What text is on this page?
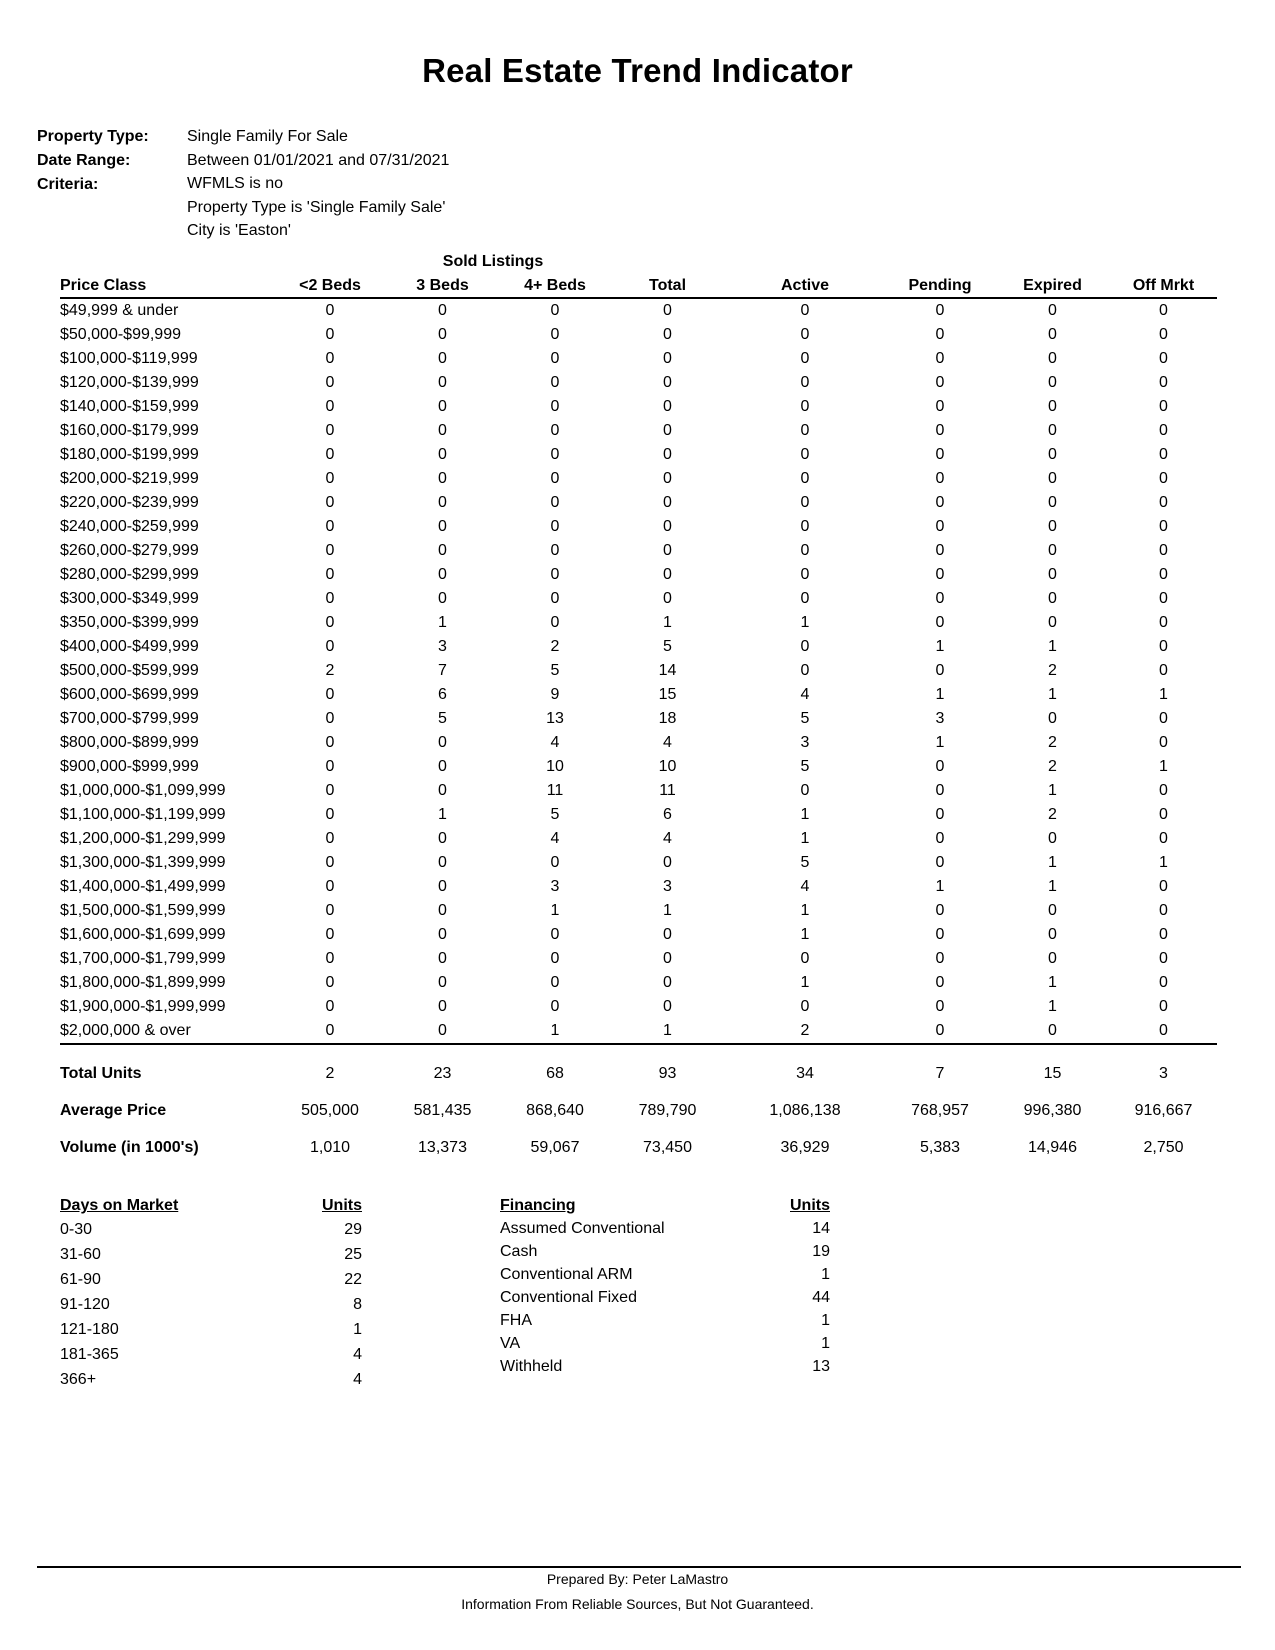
Real Estate Trend Indicator
Property Type:	Single Family For Sale
Date Range:	Between 01/01/2021 and 07/31/2021
Criteria:	WFMLS is no
Property Type is 'Single Family Sale'
City is 'Easton'
Sold Listings
Price Class	<2 Beds	3 Beds	4+ Beds	Total	Active	Pending	Expired	Off Mrkt
$49,999 & under	0	0	0	0	0	0	0	0
$50,000-$99,999	0	0	0	0	0	0	0	0
$100,000-$119,999	0	0	0	0	0	0	0	0
$120,000-$139,999	0	0	0	0	0	0	0	0
$140,000-$159,999	0	0	0	0	0	0	0	0
$160,000-$179,999	0	0	0	0	0	0	0	0
$180,000-$199,999	0	0	0	0	0	0	0	0
$200,000-$219,999	0	0	0	0	0	0	0	0
$220,000-$239,999	0	0	0	0	0	0	0	0
$240,000-$259,999	0	0	0	0	0	0	0	0
$260,000-$279,999	0	0	0	0	0	0	0	0
$280,000-$299,999	0	0	0	0	0	0	0	0
$300,000-$349,999	0	0	0	0	0	0	0	0
$350,000-$399,999	0	1	0	1	1	0	0	0
$400,000-$499,999	0	3	2	5	0	1	1	0
$500,000-$599,999	2	7	5	14	0	0	2	0
$600,000-$699,999	0	6	9	15	4	1	1	1
$700,000-$799,999	0	5	13	18	5	3	0	0
$800,000-$899,999	0	0	4	4	3	1	2	0
$900,000-$999,999	0	0	10	10	5	0	2	1
$1,000,000-$1,099,999	0	0	11	11	0	0	1	0
$1,100,000-$1,199,999	0	1	5	6	1	0	2	0
$1,200,000-$1,299,999	0	0	4	4	1	0	0	0
$1,300,000-$1,399,999	0	0	0	0	5	0	1	1
$1,400,000-$1,499,999	0	0	3	3	4	1	1	0
$1,500,000-$1,599,999	0	0	1	1	1	0	0	0
$1,600,000-$1,699,999	0	0	0	0	1	0	0	0
$1,700,000-$1,799,999	0	0	0	0	0	0	0	0
$1,800,000-$1,899,999	0	0	0	0	1	0	1	0
$1,900,000-$1,999,999	0	0	0	0	0	0	1	0
$2,000,000 & over	0	0	1	1	2	0	0	0
Total Units	2	23	68	93	34	7	15	3
Average Price	505,000	581,435	868,640	789,790	1,086,138	768,957	996,380	916,667
Volume (in 1000's)	1,010	13,373	59,067	73,450	36,929	5,383	14,946	2,750
Days on Market	Units
0-30	29
31-60	25
61-90	22
91-120	8
121-180	1
181-365	4
366+	4
Financing	Units
Assumed Conventional	14
Cash	19
Conventional ARM	1
Conventional Fixed	44
FHA	1
VA	1
Withheld	13
Prepared By: Peter LaMastro
Information From Reliable Sources, But Not Guaranteed.
